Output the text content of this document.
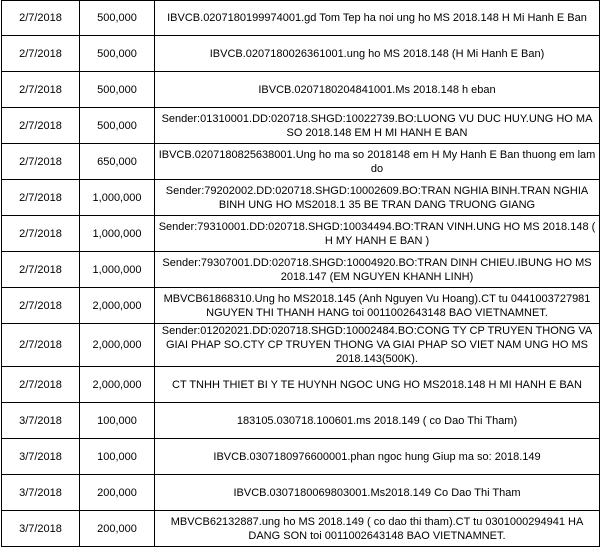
2/7/2018	500,000	IBVCB.0207180199974001.gd Tom Tep ha noi ung ho MS 2018.148 H Mi Hanh E Ban
2/7/2018	500,000	IBVCB.0207180026361001.ung ho MS 2018.148 (H Mi Hanh E Ban)
2/7/2018	500,000	IBVCB.0207180204841001.Ms 2018.148 h eban
2/7/2018	500,000	Sender:01310001.DD:020718.SHGD:10022739.BO:LUONG VU DUC HUY.UNG HO MA SO 2018.148 EM H MI HANH E BAN
2/7/2018	650,000	IBVCB.0207180825638001.Ung ho ma so 2018148 em H My Hanh E Ban thuong em lam do
2/7/2018	1,000,000	Sender:79202002.DD:020718.SHGD:10002609.BO:TRAN NGHIA BINH.TRAN NGHIA BINH UNG HO MS2018.1 35 BE TRAN DANG TRUONG GIANG
2/7/2018	1,000,000	Sender:79310001.DD:020718.SHGD:10034494.BO:TRAN VINH.UNG HO MS 2018.148 ( H MY HANH E BAN )
2/7/2018	1,000,000	Sender:79307001.DD:020718.SHGD:10004920.BO:TRAN DINH CHIEU.IBUNG HO MS 2018.147 (EM NGUYEN KHANH LINH)
2/7/2018	2,000,000	MBVCB61868310.Ung ho MS2018.145 (Anh Nguyen Vu Hoang).CT tu 0441003727981 NGUYEN THI THANH HANG toi 0011002643148 BAO VIETNAMNET.
2/7/2018	2,000,000	Sender:01202021.DD:020718.SHGD:10002484.BO:CONG TY CP TRUYEN THONG VA GIAI PHAP SO.CTY CP TRUYEN THONG VA GIAI PHAP SO VIET NAM UNG HO MS 2018.143(500K).
2/7/2018	2,000,000	CT TNHH THIET BI Y TE HUYNH NGOC UNG HO MS2018.148 H MI HANH E BAN
3/7/2018	100,000	183105.030718.100601.ms 2018.149 ( co Dao Thi Tham)
3/7/2018	100,000	IBVCB.0307180976600001.phan ngoc hung Giup ma so: 2018.149
3/7/2018	200,000	IBVCB.0307180069803001.Ms2018.149 Co Dao Thi Tham
3/7/2018	200,000	MBVCB62132887.ung ho MS 2018.149 ( co dao thi tham).CT tu 0301000294941 HA DANG SON toi 0011002643148 BAO VIETNAMNET.
